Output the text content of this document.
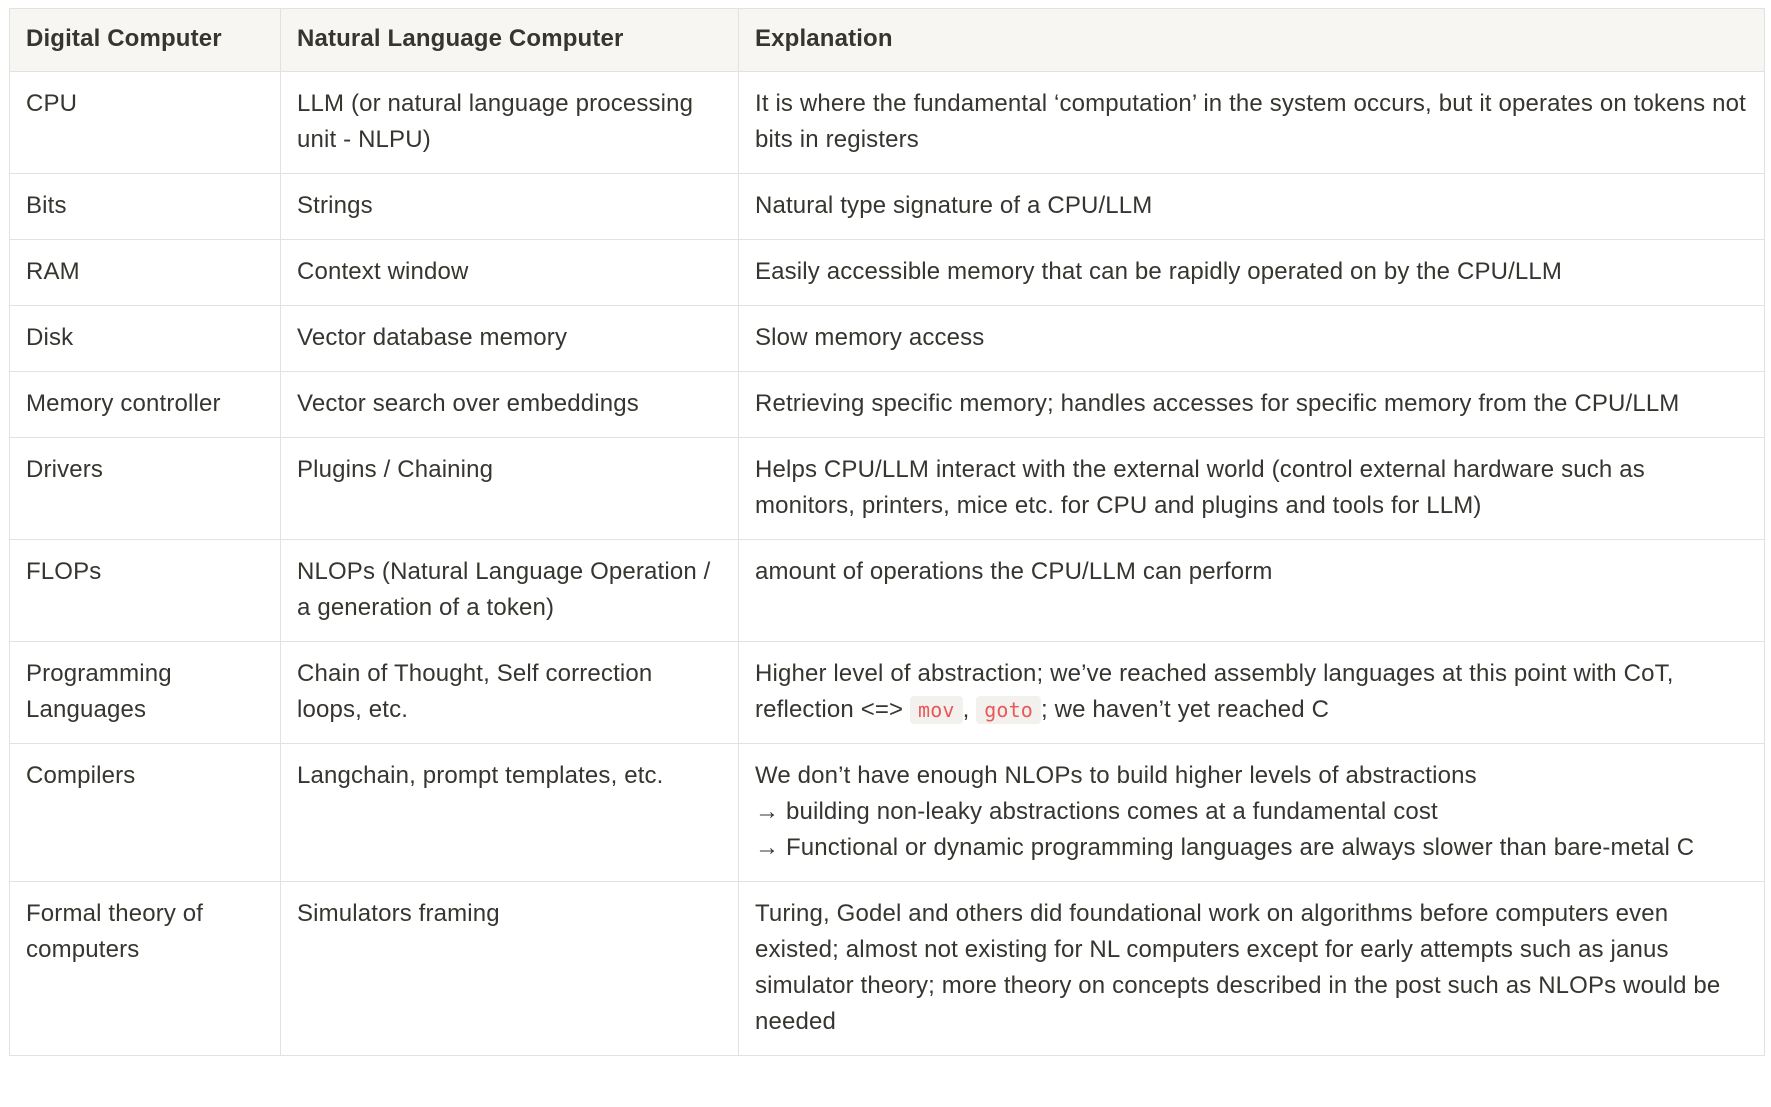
Digital Computer	Natural Language Computer	Explanation
CPU	LLM (or natural language processing unit - NLPU)	It is where the fundamental ‘computation’ in the system occurs, but it operates on tokens not bits in registers
Bits	Strings	Natural type signature of a CPU/LLM
RAM	Context window	Easily accessible memory that can be rapidly operated on by the CPU/LLM
Disk	Vector database memory	Slow memory access
Memory controller	Vector search over embeddings	Retrieving specific memory; handles accesses for specific memory from the CPU/LLM
Drivers	Plugins / Chaining	Helps CPU/LLM interact with the external world (control external hardware such as monitors, printers, mice etc. for CPU and plugins and tools for LLM)
FLOPs	NLOPs (Natural Language Operation / a generation of a token)	amount of operations the CPU/LLM can perform
Programming Languages	Chain of Thought, Self correction loops, etc.	Higher level of abstraction; we’ve reached assembly languages at this point with CoT, reflection <=> mov , goto ; we haven’t yet reached C
Compilers	Langchain, prompt templates, etc.	We don’t have enough NLOPs to build higher levels of abstractions
→ building non-leaky abstractions comes at a fundamental cost
→ Functional or dynamic programming languages are always slower than bare-metal C

Formal theory of computers	Simulators framing	Turing, Godel and others did foundational work on algorithms before computers even existed; almost not existing for NL computers except for early attempts such as janus simulator theory; more theory on concepts described in the post such as NLOPs would be needed
